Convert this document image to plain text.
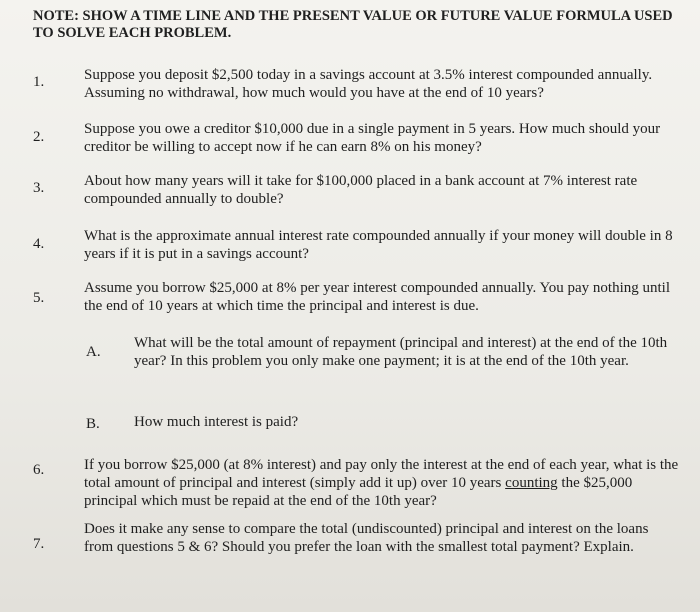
NOTE: SHOW A TIME LINE AND THE PRESENT VALUE OR FUTURE VALUE FORMULA USED TO SOLVE EACH PROBLEM.
1.	Suppose you deposit $2,500 today in a savings account at 3.5% interest compounded annually. Assuming no withdrawal, how much would you have at the end of 10 years?
2.	Suppose you owe a creditor $10,000 due in a single payment in 5 years. How much should your creditor be willing to accept now if he can earn 8% on his money?
3.	About how many years will it take for $100,000 placed in a bank account at 7% interest rate compounded annually to double?
4.	What is the approximate annual interest rate compounded annually if your money will double in 8 years if it is put in a savings account?
5.
Assume you borrow $25,000 at 8% per year interest compounded annually. You pay nothing until the end of 10 years at which time the principal and interest is due.
A.
What will be the total amount of repayment (principal and interest) at the end of the 10th year? In this problem you only make one payment; it is at the end of the 10th year.
B. How much interest is paid?
6.	If you borrow $25,000 (at 8% interest) and pay only the interest at the end of each year, what is the total amount of principal and interest (simply add it up) over 10 years counting the $25,000 principal which must be repaid at the end of the 10th year?
7.
Does it make any sense to compare the total (undiscounted) principal and interest on the loans from questions 5 & 6? Should you prefer the loan with the smallest total payment? Explain.
